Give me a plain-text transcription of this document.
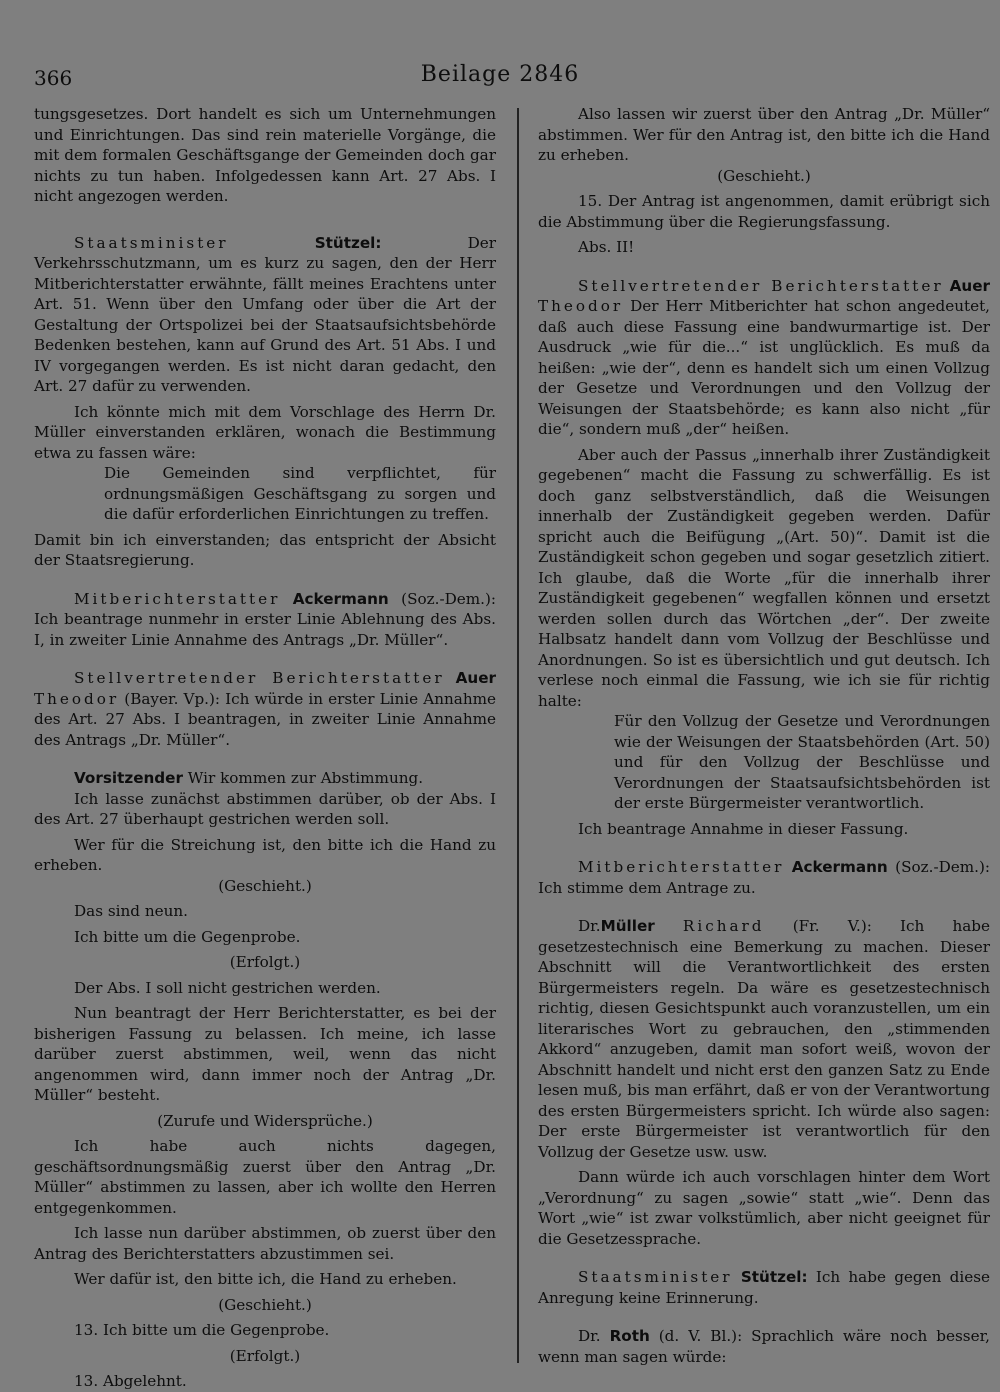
366	Beilage 2846

tungsgesetzes. Dort handelt es sich um Unternehmungen und Einrichtungen. Das sind rein materielle Vorgänge, die mit dem formalen Geschäftsgange der Gemeinden doch gar nichts zu tun haben. Infolgedessen kann Art. 27 Abs. I nicht angezogen werden.

Staatsminister	Stützel:	Der Verkehrsschutzmann, um es kurz zu sagen, den der Herr Mitberichterstatter erwähnte, fällt meines Erachtens unter Art. 51. Wenn über den Umfang oder über die Art der Gestaltung der Ortspolizei bei der Staatsaufsichtsbehörde Bedenken bestehen, kann auf Grund des Art. 51 Abs. I und IV vorgegangen werden. Es ist nicht daran gedacht, den Art. 27 dafür zu verwenden.

Ich könnte mich mit dem Vorschlage des Herrn Dr. Müller einverstanden erklären, wonach die Bestimmung etwa zu fassen wäre:

Die Gemeinden sind verpflichtet, für ordnungsmäßigen Geschäftsgang zu sorgen und die dafür erforderlichen Einrichtungen zu treffen.

Damit bin ich einverstanden; das entspricht der Absicht der Staatsregierung.

Mitberichterstatter Ackermann (Soz.-Dem.): Ich beantrage nunmehr in erster Linie Ablehnung des Abs. I, in zweiter Linie Annahme des Antrags „Dr. Müller“.

Stellvertretender Berichterstatter Auer Theodor (Bayer. Vp.): Ich würde in erster Linie Annahme des Art. 27 Abs. I beantragen, in zweiter Linie Annahme des Antrags „Dr. Müller“.

Vorsitzender Wir kommen zur Abstimmung.

Ich lasse zunächst abstimmen darüber, ob der Abs. I des Art. 27 überhaupt gestrichen werden soll.

Wer für die Streichung ist, den bitte ich die Hand zu erheben.

(Geschieht.)

Das sind neun.

Ich bitte um die Gegenprobe.

(Erfolgt.)

Der Abs. I soll nicht gestrichen werden.

Nun beantragt der Herr Berichterstatter, es bei der bisherigen Fassung zu belassen. Ich meine, ich lasse darüber zuerst abstimmen, weil, wenn das nicht angenommen wird, dann immer noch der Antrag „Dr. Müller“ besteht.

(Zurufe und Widersprüche.)

Ich habe auch nichts dagegen, geschäftsordnungsmäßig zuerst über den Antrag „Dr. Müller“ abstimmen zu lassen, aber ich wollte den Herren entgegenkommen.

Ich lasse nun darüber abstimmen, ob zuerst über den Antrag des Berichterstatters abzustimmen sei.

Wer dafür ist, den bitte ich, die Hand zu erheben.

(Geschieht.)

13. Ich bitte um die Gegenprobe.

(Erfolgt.)

13. Abgelehnt.

Also lassen wir zuerst über den Antrag „Dr. Müller“ abstimmen. Wer für den Antrag ist, den bitte ich die Hand zu erheben.

(Geschieht.)

15. Der Antrag ist angenommen, damit erübrigt sich die Abstimmung über die Regierungsfassung.

Abs. II!

Stellvertretender Berichterstatter Auer Theodor Der Herr Mitberichter hat schon angedeutet, daß auch diese Fassung eine bandwurmartige ist. Der Ausdruck „wie für die...“ ist unglücklich. Es muß da heißen: „wie der“, denn es handelt sich um einen Vollzug der Gesetze und Verordnungen und den Vollzug der Weisungen der Staatsbehörde; es kann also nicht „für die“, sondern muß „der“ heißen.

Aber auch der Passus „innerhalb ihrer Zuständigkeit gegebenen“ macht die Fassung zu schwerfällig. Es ist doch ganz selbstverständlich, daß die Weisungen innerhalb der Zuständigkeit gegeben werden. Dafür spricht auch die Beifügung „(Art. 50)“. Damit ist die Zuständigkeit schon gegeben und sogar gesetzlich zitiert. Ich glaube, daß die Worte „für die innerhalb ihrer Zuständigkeit gegebenen“ wegfallen können und ersetzt werden sollen durch das Wörtchen „der“. Der zweite Halbsatz handelt dann vom Vollzug der Beschlüsse und Anordnungen. So ist es übersichtlich und gut deutsch. Ich verlese noch einmal die Fassung, wie ich sie für richtig halte:

Für den Vollzug der Gesetze und Verordnungen wie der Weisungen der Staatsbehörden (Art. 50) und für den Vollzug der Beschlüsse und Verordnungen der Staatsaufsichtsbehörden ist der erste Bürgermeister verantwortlich.

Ich beantrage Annahme in dieser Fassung.

Mitberichterstatter Ackermann (Soz.-Dem.): Ich stimme dem Antrage zu.

Dr.Müller Richard (Fr. V.): Ich habe gesetzestechnisch eine Bemerkung zu machen. Dieser Abschnitt will die Verantwortlichkeit des ersten Bürgermeisters regeln. Da wäre es gesetzestechnisch richtig, diesen Gesichtspunkt auch voranzustellen, um ein literarisches Wort zu gebrauchen, den „stimmenden Akkord“ anzugeben, damit man sofort weiß, wovon der Abschnitt handelt und nicht erst den ganzen Satz zu Ende lesen muß, bis man erfährt, daß er von der Verantwortung des ersten Bürgermeisters spricht. Ich würde also sagen: Der erste Bürgermeister ist verantwortlich für den Vollzug der Gesetze usw. usw.

Dann würde ich auch vorschlagen hinter dem Wort „Verordnung“ zu sagen „sowie“ statt „wie“. Denn das Wort „wie“ ist zwar volkstümlich, aber nicht geeignet für die Gesetzessprache.

Staatsminister Stützel: Ich habe gegen diese Anregung keine Erinnerung.

Dr. Roth (d. V. Bl.): Sprachlich wäre noch besser, wenn man sagen würde:
